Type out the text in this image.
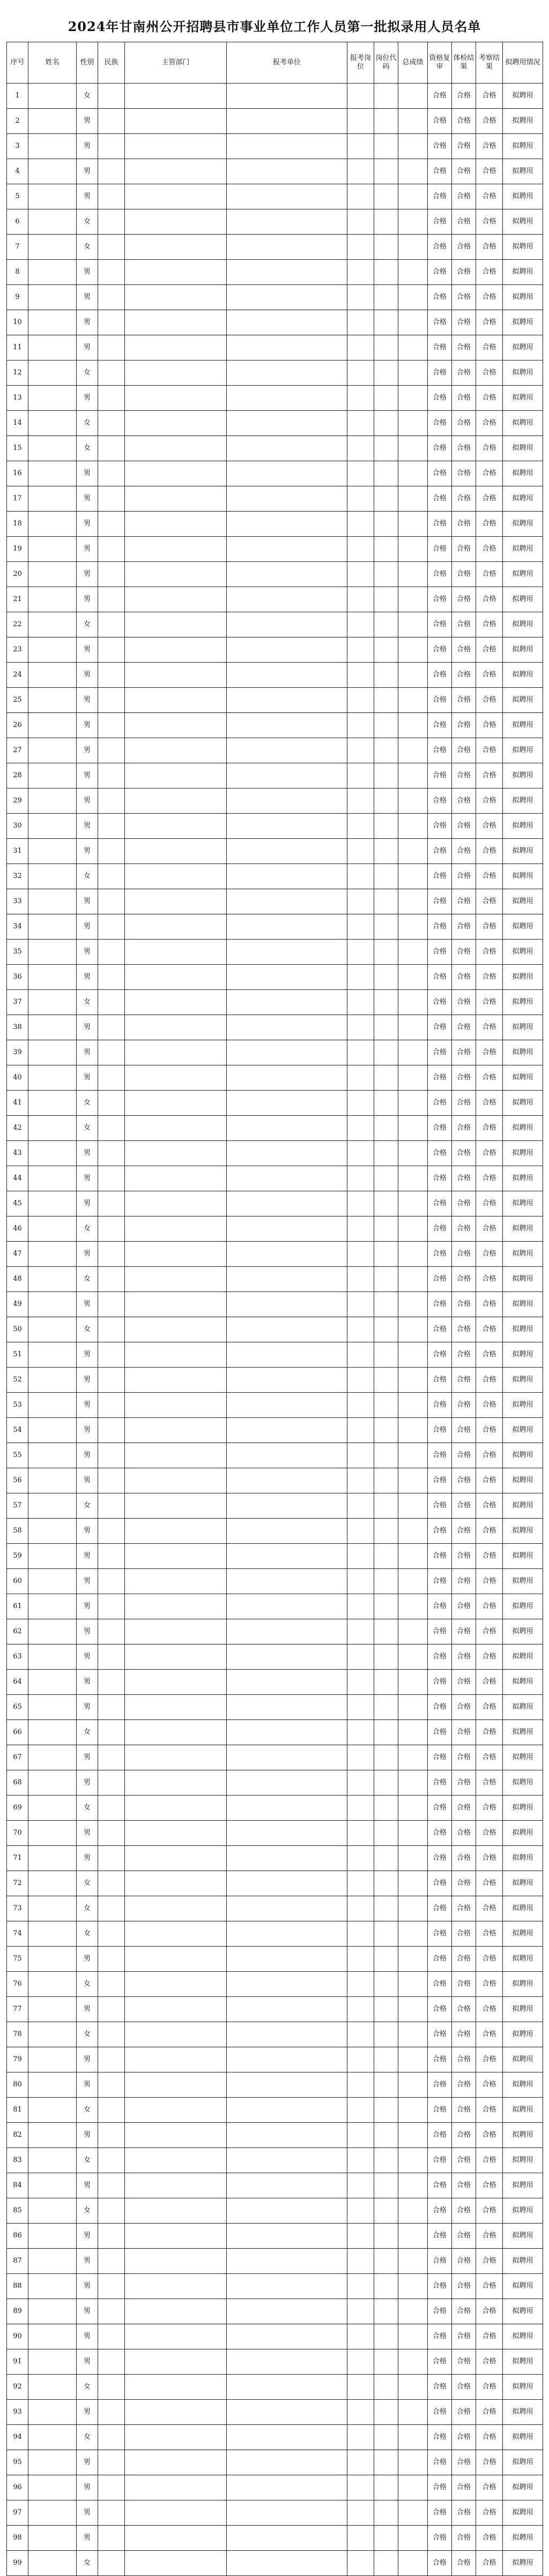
2024年甘南州公开招聘县市事业单位工作人员第一批拟录用人员名单
序号	姓名	性别	民族	主管部门	报考单位	报考岗位	岗位代码	总成绩	资格复审	体检结果	考察结果	拟聘用情况
1		女							合格	合格	合格	拟聘用
2		男							合格	合格	合格	拟聘用
3		男							合格	合格	合格	拟聘用
4		男							合格	合格	合格	拟聘用
5		男							合格	合格	合格	拟聘用
6		女							合格	合格	合格	拟聘用
7		女							合格	合格	合格	拟聘用
8		男							合格	合格	合格	拟聘用
9		男							合格	合格	合格	拟聘用
10		男							合格	合格	合格	拟聘用
11		男							合格	合格	合格	拟聘用
12		女							合格	合格	合格	拟聘用
13		男							合格	合格	合格	拟聘用
14		女							合格	合格	合格	拟聘用
15		女							合格	合格	合格	拟聘用
16		男							合格	合格	合格	拟聘用
17		男							合格	合格	合格	拟聘用
18		男							合格	合格	合格	拟聘用
19		男							合格	合格	合格	拟聘用
20		男							合格	合格	合格	拟聘用
21		男							合格	合格	合格	拟聘用
22		女							合格	合格	合格	拟聘用
23		男							合格	合格	合格	拟聘用
24		男							合格	合格	合格	拟聘用
25		男							合格	合格	合格	拟聘用
26		男							合格	合格	合格	拟聘用
27		男							合格	合格	合格	拟聘用
28		男							合格	合格	合格	拟聘用
29		男							合格	合格	合格	拟聘用
30		男							合格	合格	合格	拟聘用
31		男							合格	合格	合格	拟聘用
32		女							合格	合格	合格	拟聘用
33		男							合格	合格	合格	拟聘用
34		男							合格	合格	合格	拟聘用
35		男							合格	合格	合格	拟聘用
36		男							合格	合格	合格	拟聘用
37		女							合格	合格	合格	拟聘用
38		男							合格	合格	合格	拟聘用
39		男							合格	合格	合格	拟聘用
40		男							合格	合格	合格	拟聘用
41		女							合格	合格	合格	拟聘用
42		女							合格	合格	合格	拟聘用
43		男							合格	合格	合格	拟聘用
44		男							合格	合格	合格	拟聘用
45		男							合格	合格	合格	拟聘用
46		女							合格	合格	合格	拟聘用
47		男							合格	合格	合格	拟聘用
48		女							合格	合格	合格	拟聘用
49		男							合格	合格	合格	拟聘用
50		女							合格	合格	合格	拟聘用
51		男							合格	合格	合格	拟聘用
52		男							合格	合格	合格	拟聘用
53		男							合格	合格	合格	拟聘用
54		男							合格	合格	合格	拟聘用
55		男							合格	合格	合格	拟聘用
56		男							合格	合格	合格	拟聘用
57		女							合格	合格	合格	拟聘用
58		男							合格	合格	合格	拟聘用
59		男							合格	合格	合格	拟聘用
60		男							合格	合格	合格	拟聘用
61		男							合格	合格	合格	拟聘用
62		男							合格	合格	合格	拟聘用
63		男							合格	合格	合格	拟聘用
64		男							合格	合格	合格	拟聘用
65		男							合格	合格	合格	拟聘用
66		女							合格	合格	合格	拟聘用
67		男							合格	合格	合格	拟聘用
68		男							合格	合格	合格	拟聘用
69		女							合格	合格	合格	拟聘用
70		男							合格	合格	合格	拟聘用
71		男							合格	合格	合格	拟聘用
72		女							合格	合格	合格	拟聘用
73		女							合格	合格	合格	拟聘用
74		女							合格	合格	合格	拟聘用
75		男							合格	合格	合格	拟聘用
76		女							合格	合格	合格	拟聘用
77		男							合格	合格	合格	拟聘用
78		女							合格	合格	合格	拟聘用
79		男							合格	合格	合格	拟聘用
80		男							合格	合格	合格	拟聘用
81		女							合格	合格	合格	拟聘用
82		男							合格	合格	合格	拟聘用
83		女							合格	合格	合格	拟聘用
84		男							合格	合格	合格	拟聘用
85		女							合格	合格	合格	拟聘用
86		男							合格	合格	合格	拟聘用
87		男							合格	合格	合格	拟聘用
88		男							合格	合格	合格	拟聘用
89		男							合格	合格	合格	拟聘用
90		男							合格	合格	合格	拟聘用
91		男							合格	合格	合格	拟聘用
92		女							合格	合格	合格	拟聘用
93		男							合格	合格	合格	拟聘用
94		女							合格	合格	合格	拟聘用
95		男							合格	合格	合格	拟聘用
96		男							合格	合格	合格	拟聘用
97		男							合格	合格	合格	拟聘用
98		男							合格	合格	合格	拟聘用
99		女							合格	合格	合格	拟聘用
